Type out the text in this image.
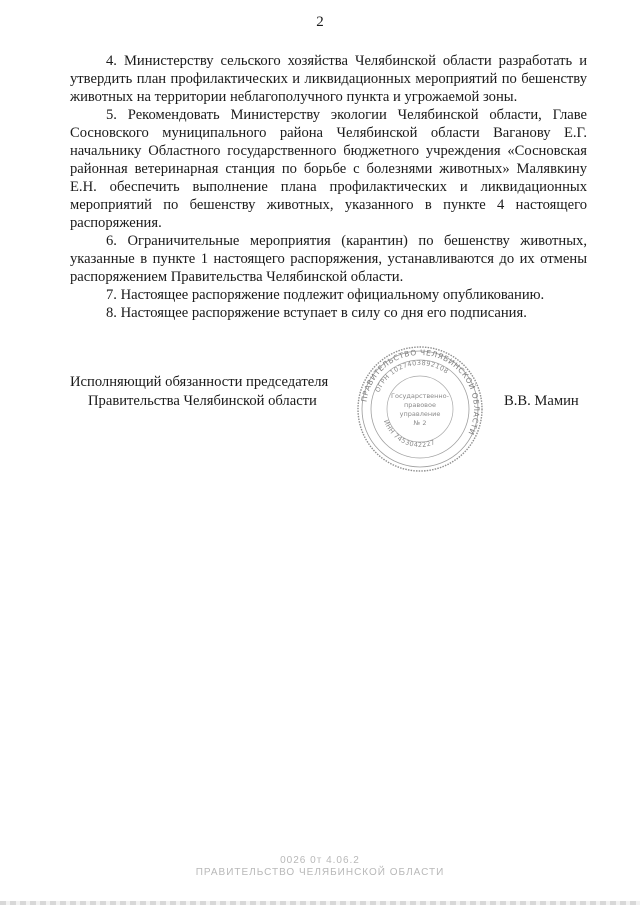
2

4. Министерству сельского хозяйства Челябинской области разработать и утвердить план профилактических и ликвидационных мероприятий по бешенству животных на территории неблагополучного пункта и угрожаемой зоны.

5. Рекомендовать Министерству экологии Челябинской области, Главе Сосновского муниципального района Челябинской области Ваганову Е.Г. начальнику Областного государственного бюджетного учреждения «Сосновская районная ветеринарная станция по борьбе с болезнями животных» Малявкину Е.Н. обеспечить выполнение плана профилактических и ликвидационных мероприятий по бешенству животных, указанного в пункте 4 настоящего распоряжения.

6. Ограничительные мероприятия (карантин) по бешенству животных, указанные в пункте 1 настоящего распоряжения, устанавливаются до их отмены распоряжением Правительства Челябинской области.

7. Настоящее распоряжение подлежит официальному опубликованию.

8. Настоящее распоряжение вступает в силу со дня его подписания.

Исполняющий обязанности председателя
Правительства Челябинской области	В.В. Мамин
ПРАВИТЕЛЬСТВО ЧЕЛЯБИНСКОЙ ОБЛАСТИ
ОГРН 1027403892108
ИНН 7453042227
Государственно-
правовое
управление
№ 2
0026 0т 4.06.2
ПРАВИТЕЛЬСТВО ЧЕЛЯБИНСКОЙ ОБЛАСТИ
